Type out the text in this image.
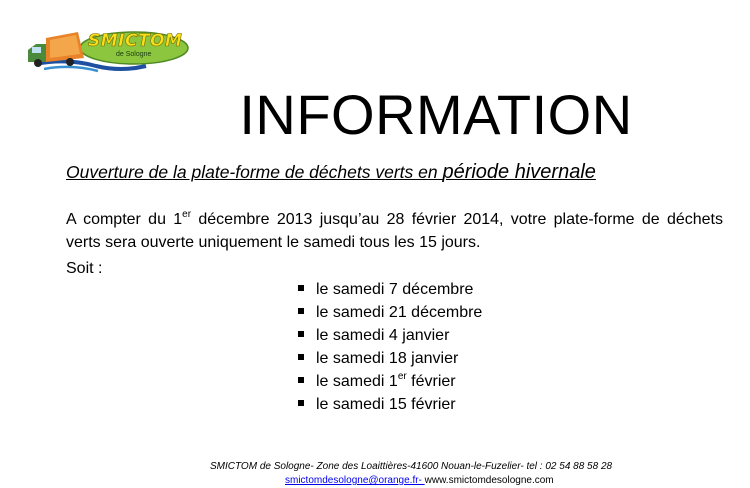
SMICTOM
de Sologne
INFORMATION
Ouverture de la plate-forme de déchets verts en période hivernale
A compter du 1er décembre 2013 jusqu’au 28 février 2014, votre plate-forme de déchets verts sera ouverte uniquement le samedi tous les 15 jours.
Soit :
le samedi 7 décembre
le samedi 21 décembre
le samedi 4 janvier
le samedi 18 janvier
le samedi 1er février
le samedi 15 février
SMICTOM de Sologne- Zone des Loaittières-41600 Nouan-le-Fuzelier- tel : 02 54 88 58 28
smictomdesologne@orange.fr- www.smictomdesologne.com
